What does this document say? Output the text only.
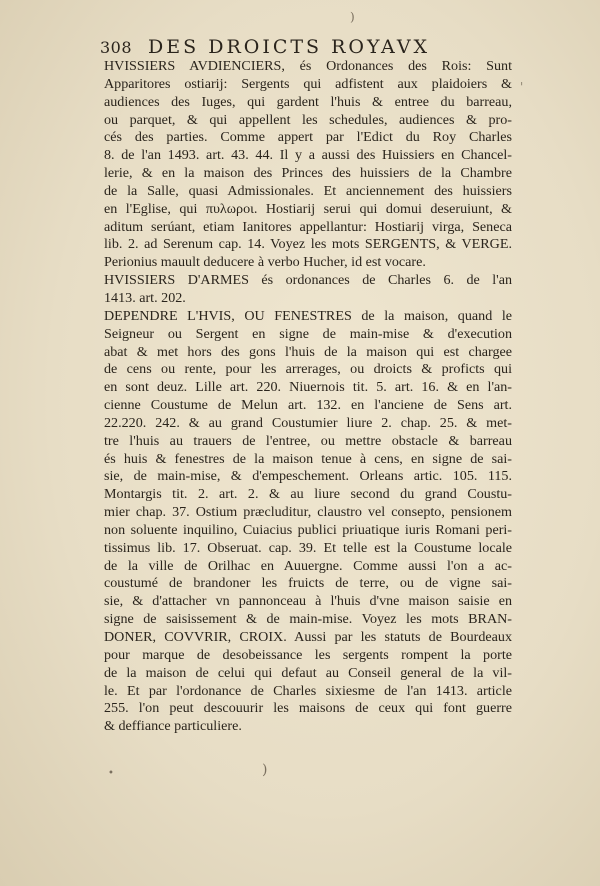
)
'
308 DES DROICTS ROYAVX
HVISSIERS AVDIENCIERS, és Ordonances des Rois: Sunt
Apparitores ostiarij: Sergents qui adfistent aux plaidoiers &
audiences des Iuges, qui gardent l'huis & entree du barreau,
ou parquet, & qui appellent les schedules, audiences & pro-
cés des parties. Comme appert par l'Edict du Roy Charles
8. de l'an 1493. art. 43. 44. Il y a aussi des Huissiers en Chancel-
lerie, & en la maison des Princes des huissiers de la Chambre
de la Salle, quasi Admissionales. Et anciennement des huissiers
en l'Eglise, qui πυλωροι. Hostiarij serui qui domui deseruiunt, &
aditum serúant, etiam Ianitores appellantur: Hostiarij virga, Seneca
lib. 2. ad Serenum cap. 14. Voyez les mots SERGENTS, & VERGE.
Perionius mauult deducere à verbo Hucher, id est vocare.
HVISSIERS D'ARMES és ordonances de Charles 6. de l'an
1413. art. 202.
DEPENDRE L'HVIS, OU FENESTRES de la maison, quand le
Seigneur ou Sergent en signe de main-mise & d'execution
abat & met hors des gons l'huis de la maison qui est chargee
de cens ou rente, pour les arrerages, ou droicts & proficts qui
en sont deuz. Lille art. 220. Niuernois tit. 5. art. 16. & en l'an-
cienne Coustume de Melun art. 132. en l'anciene de Sens art.
22.220. 242. & au grand Coustumier liure 2. chap. 25. & met-
tre l'huis au trauers de l'entree, ou mettre obstacle & barreau
és huis & fenestres de la maison tenue à cens, en signe de sai-
sie, de main-mise, & d'empeschement. Orleans artic. 105. 115.
Montargis tit. 2. art. 2. & au liure second du grand Coustu-
mier chap. 37. Ostium præcluditur, claustro vel consepto, pensionem
non soluente inquilino, Cuiacius publici priuatique iuris Romani peri-
tissimus lib. 17. Obseruat. cap. 39. Et telle est la Coustume locale
de la ville de Orilhac en Auuergne. Comme aussi l'on a ac-
coustumé de brandoner les fruicts de terre, ou de vigne sai-
sie, & d'attacher vn pannonceau à l'huis d'vne maison saisie en
signe de saisissement & de main-mise. Voyez les mots BRAN-
DONER, COVVRIR, CROIX. Aussi par les statuts de Bourdeaux
pour marque de desobeissance les sergents rompent la porte
de la maison de celui qui defaut au Conseil general de la vil-
le. Et par l'ordonance de Charles sixiesme de l'an 1413. article
255. l'on peut descouurir les maisons de ceux qui font guerre
& deffiance particuliere.
•	)
